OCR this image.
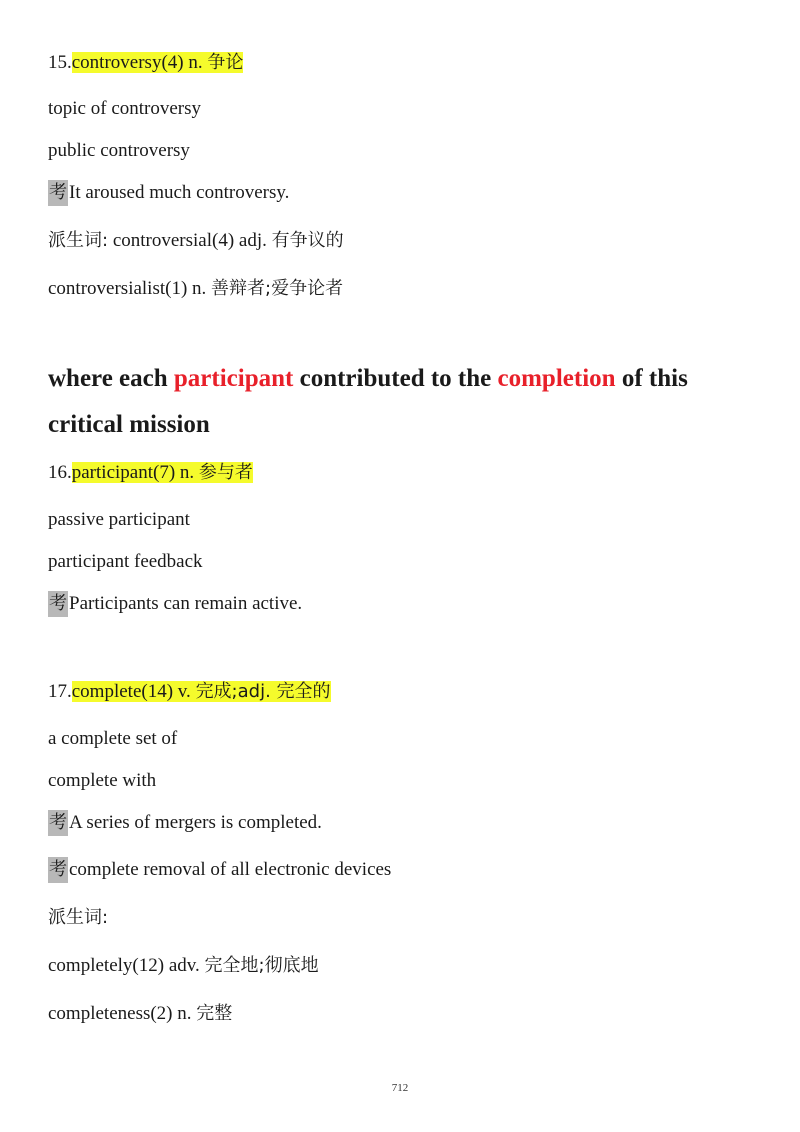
15.controversy(4) n. 争论
topic of controversy
public controversy
考 It aroused much controversy.
派生词: controversial(4) adj. 有争议的
controversialist(1) n. 善辩者;爱争论者
where each participant contributed to the completion of this
critical mission
16.participant(7) n. 参与者
passive participant
participant feedback
考 Participants can remain active.
17.complete(14) v. 完成;adj. 完全的
a complete set of
complete with
考 A series of mergers is completed.
考 complete removal of all electronic devices
派生词:
completely(12) adv. 完全地;彻底地
completeness(2) n. 完整
712
